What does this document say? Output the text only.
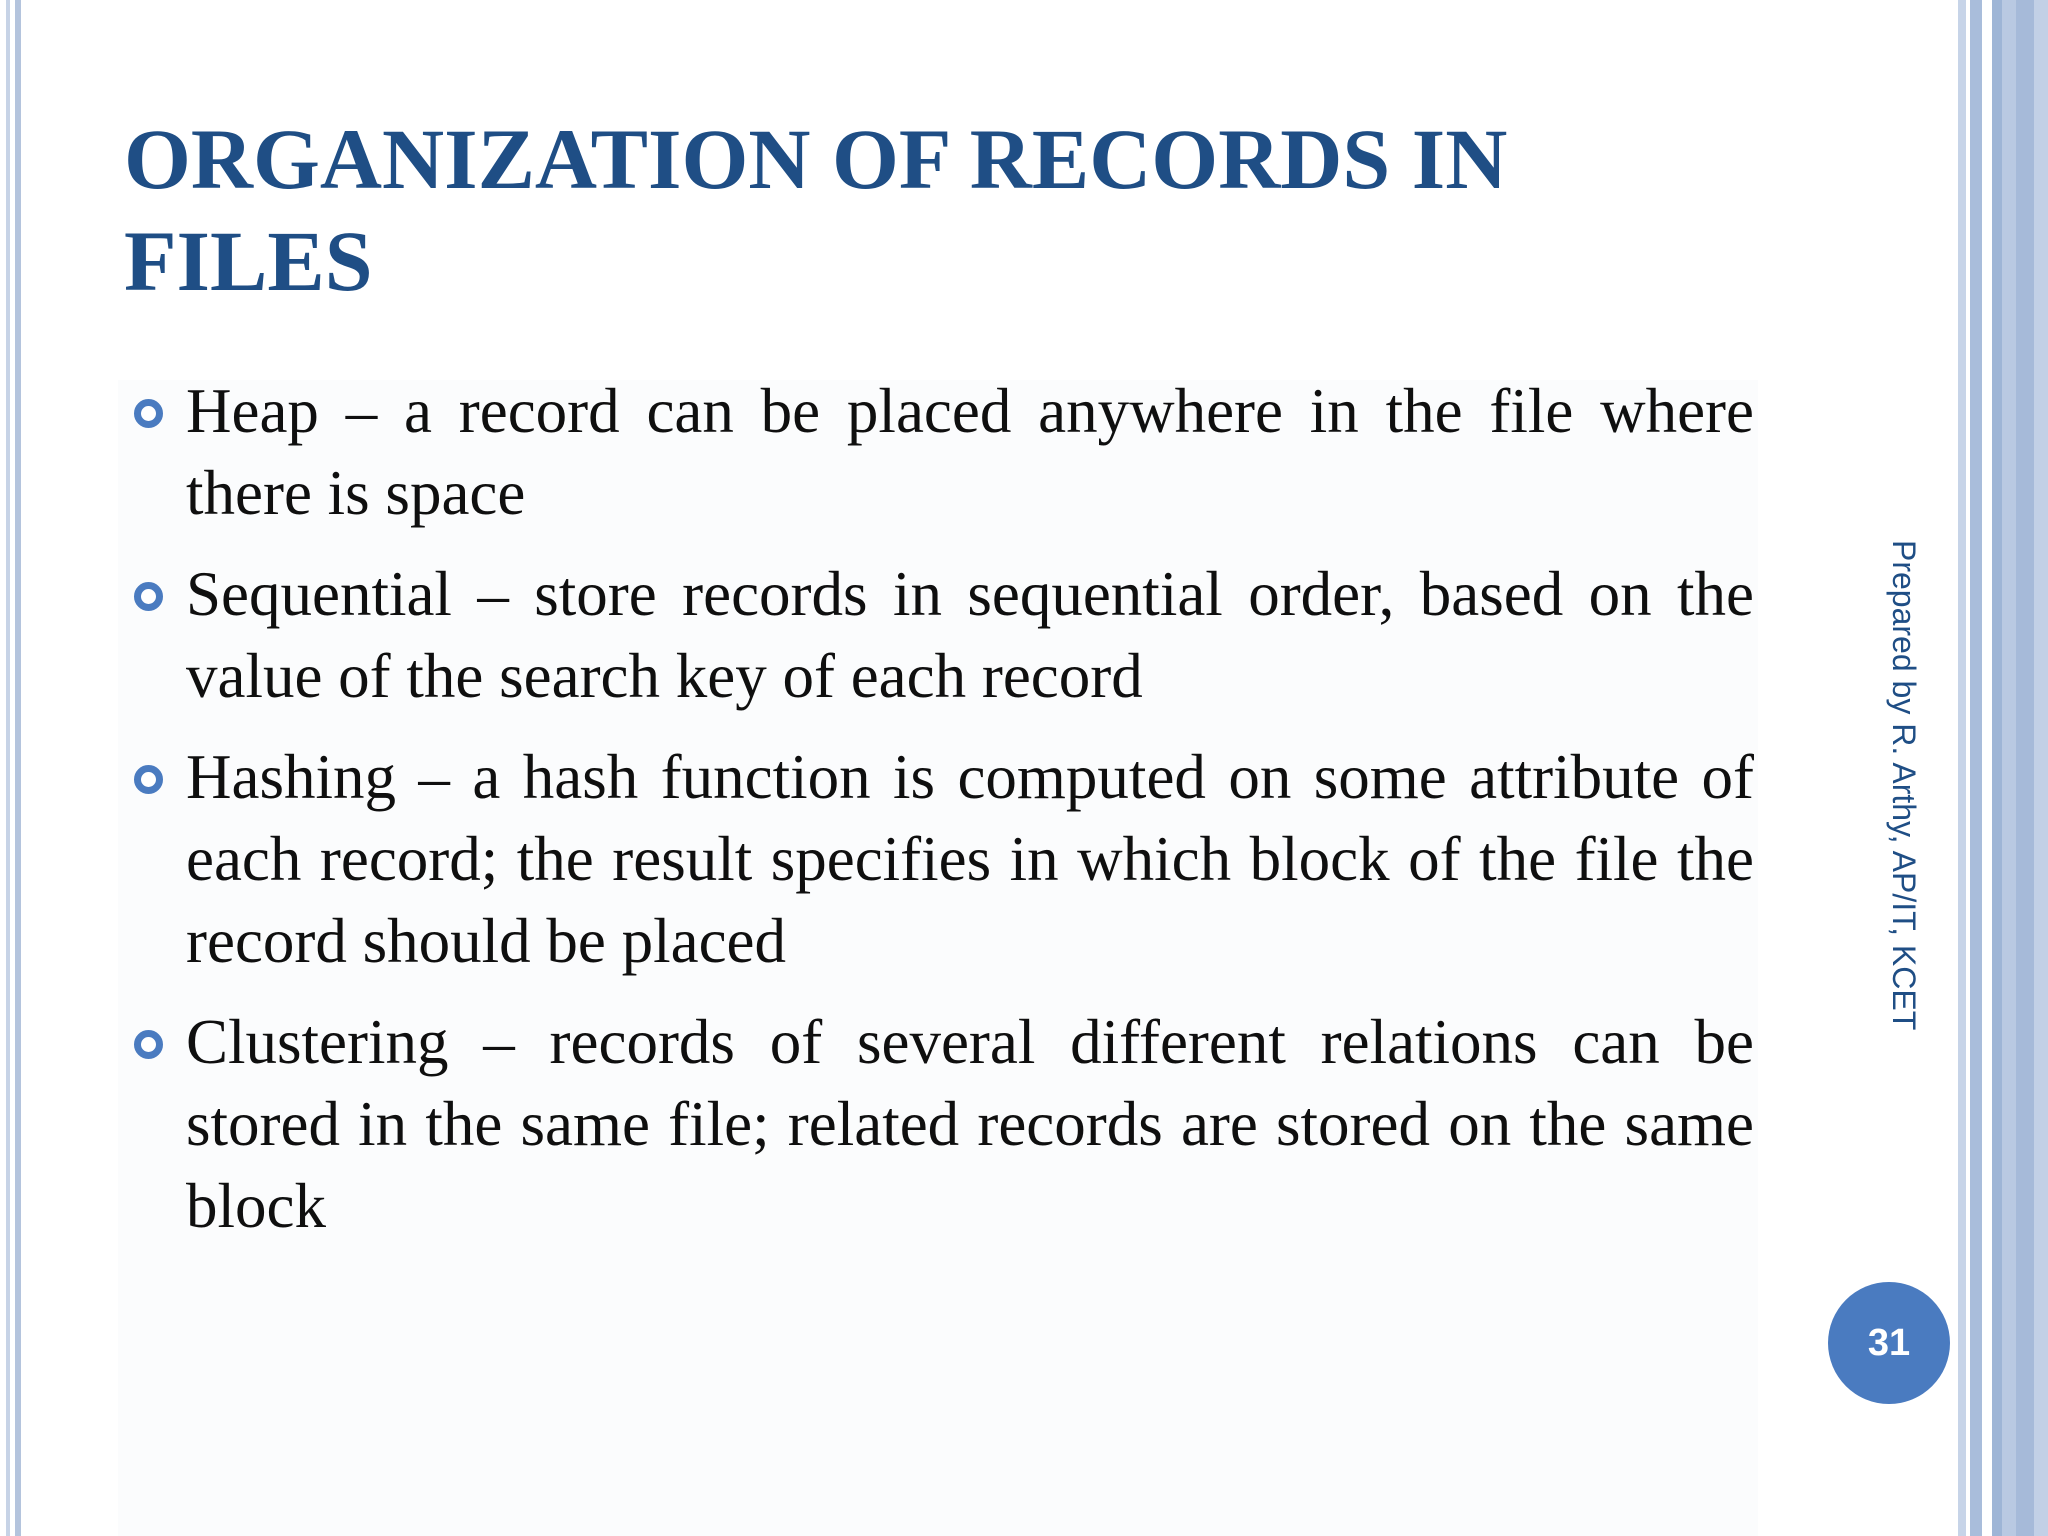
ORGANIZATION OF RECORDS IN FILES
Heap – a record can be placed anywhere in the file where there is space
Sequential – store records in sequential order, based on the value of the search key of each record
Hashing – a hash function is computed on some attribute of each record; the result specifies in which block of the file the record should be placed
Clustering – records of several different relations can be stored in the same file; related records are stored on the same block
Prepared by R. Arthy, AP/IT, KCET
31
